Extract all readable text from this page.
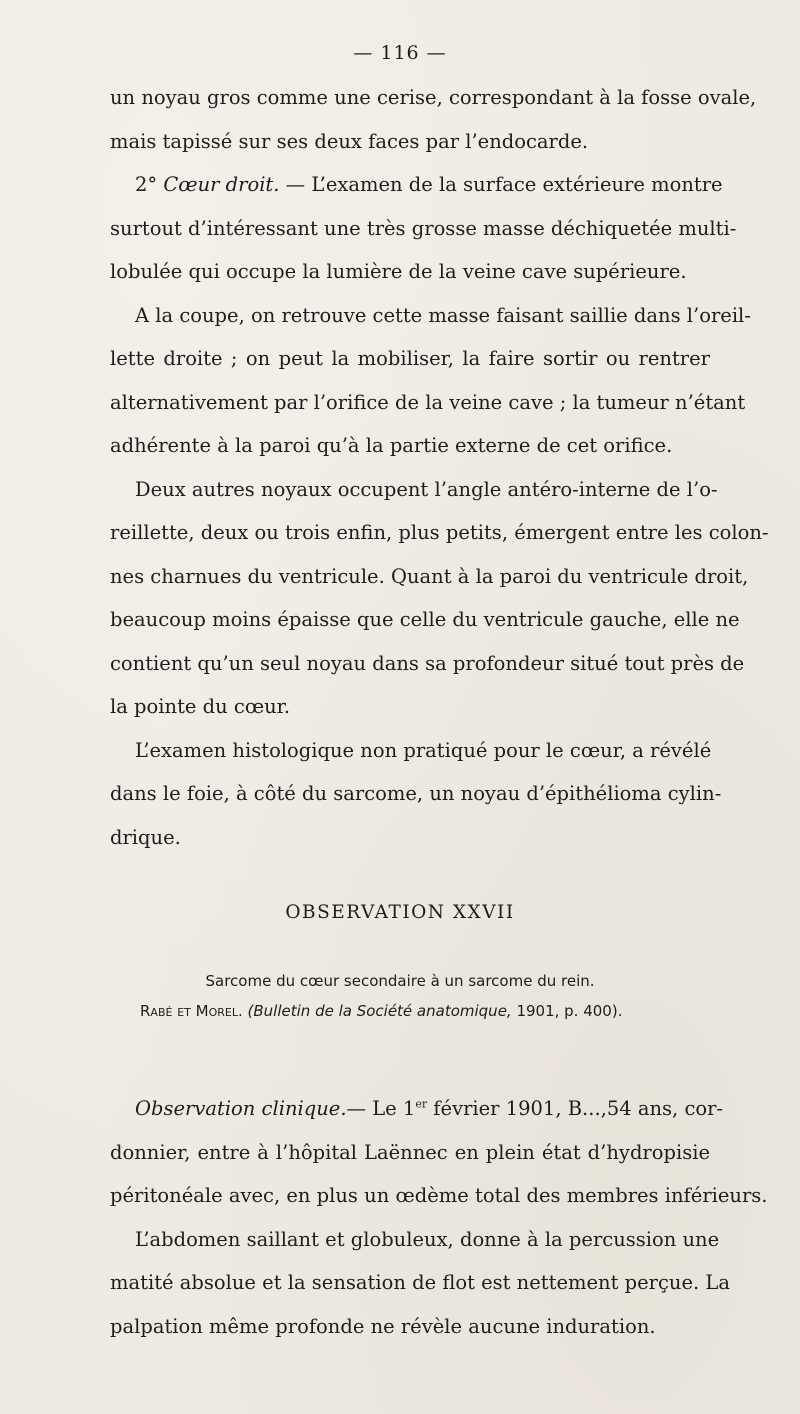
— 116 —
un noyau gros comme une cerise, correspondant à la fosse ovale,
mais tapissé sur ses deux faces par l’endocarde.
2° Cœur droit. — L’examen de la surface extérieure montre
surtout d’intéressant une très grosse masse déchiquetée multi-
lobulée qui occupe la lumière de la veine cave supérieure.
A la coupe, on retrouve cette masse faisant saillie dans l’oreil-
lette droite ; on peut la mobiliser, la faire sortir ou rentrer
alternativement par l’orifice de la veine cave ; la tumeur n’étant
adhérente à la paroi qu’à la partie externe de cet orifice.
Deux autres noyaux occupent l’angle antéro-interne de l’o-
reillette, deux ou trois enfin, plus petits, émergent entre les colon-
nes charnues du ventricule. Quant à la paroi du ventricule droit,
beaucoup moins épaisse que celle du ventricule gauche, elle ne
contient qu’un seul noyau dans sa profondeur situé tout près de
la pointe du cœur.
L’examen histologique non pratiqué pour le cœur, a révélé
dans le foie, à côté du sarcome, un noyau d’épithélioma cylin-
drique.
OBSERVATION XXVII
Sarcome du cœur secondaire à un sarcome du rein.
Rabé et Morel. (Bulletin de la Société anatomique, 1901, p. 400).
Observation clinique.— Le 1er février 1901, B...,54 ans, cor-
donnier, entre à l’hôpital Laënnec en plein état d’hydropisie
péritonéale avec, en plus un œdème total des membres inférieurs.
L’abdomen saillant et globuleux, donne à la percussion une
matité absolue et la sensation de flot est nettement perçue. La
palpation même profonde ne révèle aucune induration.
